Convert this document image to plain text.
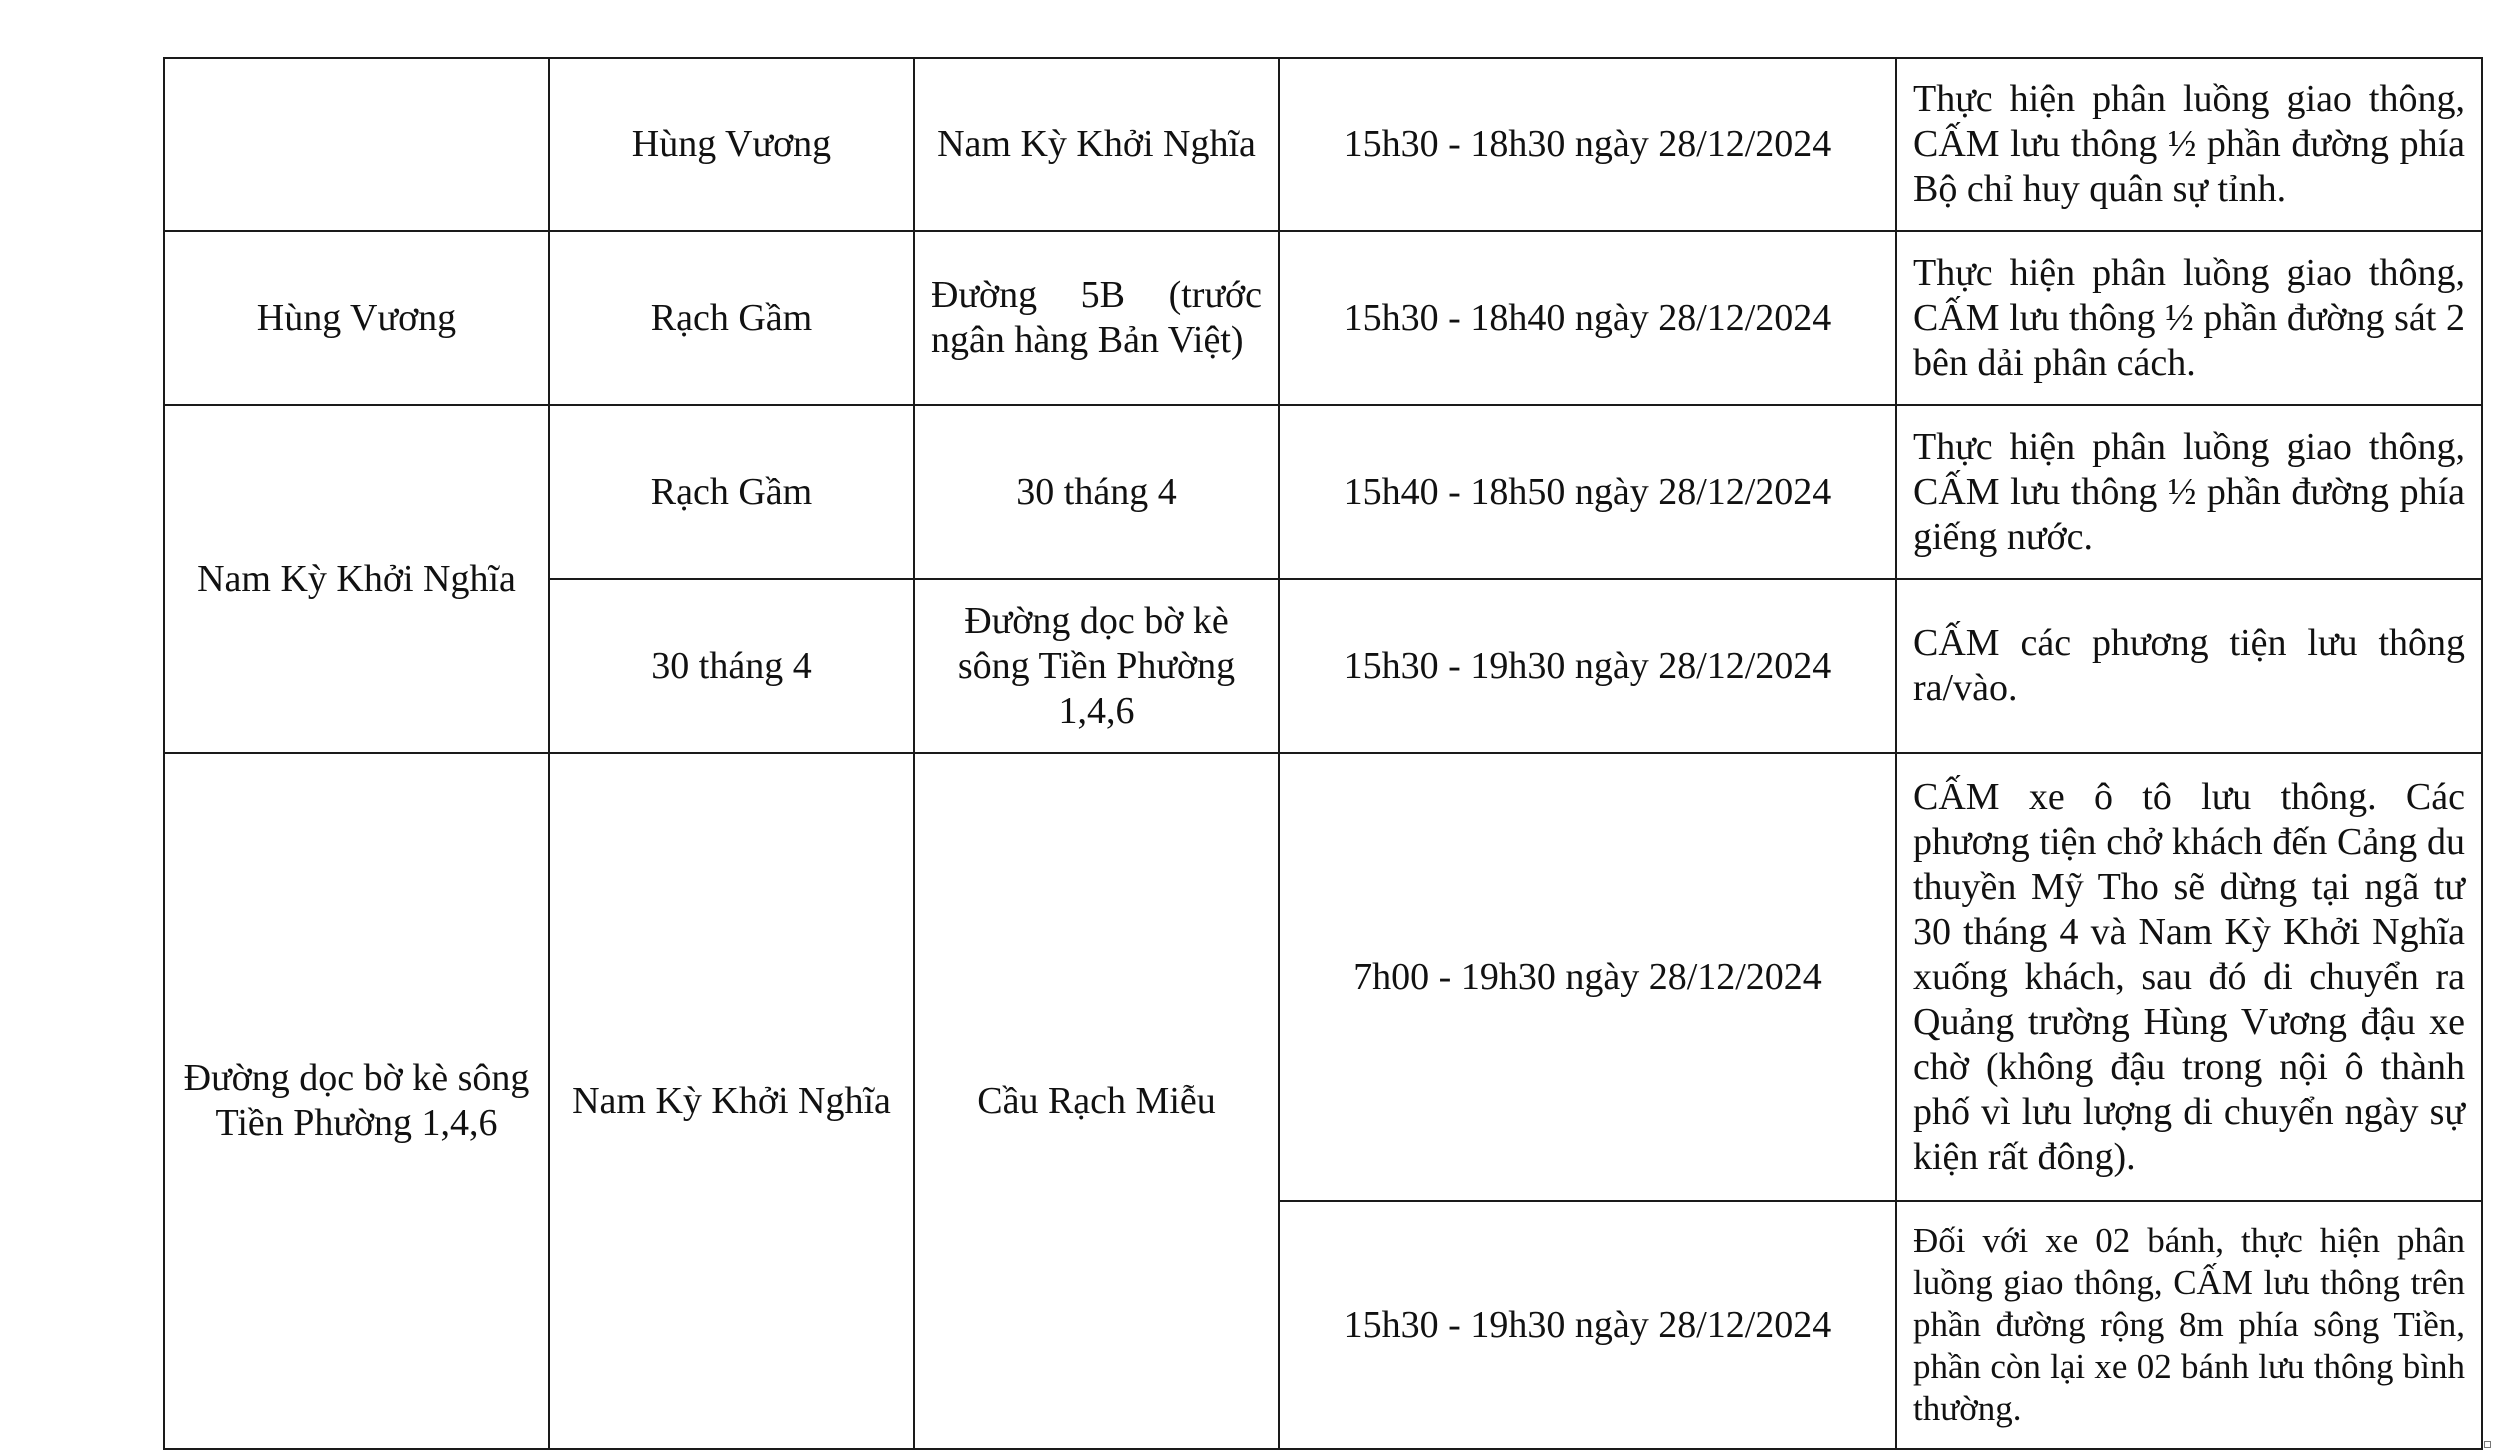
	Hùng Vương	Nam Kỳ Khởi Nghĩa	15h30 - 18h30 ngày 28/12/2024	Thực hiện phân luồng giao thông, CẤM lưu thông ½ phần đường phía Bộ chỉ huy quân sự tỉnh.
Hùng Vương	Rạch Gầm	Đường 5B (trước ngân hàng Bản Việt)	15h30 - 18h40 ngày 28/12/2024	Thực hiện phân luồng giao thông, CẤM lưu thông ½ phần đường sát 2 bên dải phân cách.
Nam Kỳ Khởi Nghĩa	Rạch Gầm	30 tháng 4	15h40 - 18h50 ngày 28/12/2024	Thực hiện phân luồng giao thông, CẤM lưu thông ½ phần đường phía giếng nước.
	30 tháng 4	Đường dọc bờ kè sông Tiền Phường 1,4,6	15h30 - 19h30 ngày 28/12/2024	CẤM các phương tiện lưu thông ra/vào.
Đường dọc bờ kè sông Tiền Phường 1,4,6	Nam Kỳ Khởi Nghĩa	Cầu Rạch Miễu	7h00 - 19h30 ngày 28/12/2024	CẤM xe ô tô lưu thông. Các phương tiện chở khách đến Cảng du thuyền Mỹ Tho sẽ dừng tại ngã tư 30 tháng 4 và Nam Kỳ Khởi Nghĩa xuống khách, sau đó di chuyển ra Quảng trường Hùng Vương đậu xe chờ (không đậu trong nội ô thành phố vì lưu lượng di chuyển ngày sự kiện rất đông).
			15h30 - 19h30 ngày 28/12/2024	Đối với xe 02 bánh, thực hiện phân luồng giao thông, CẤM lưu thông trên phần đường rộng 8m phía sông Tiền, phần còn lại xe 02 bánh lưu thông bình thường.
